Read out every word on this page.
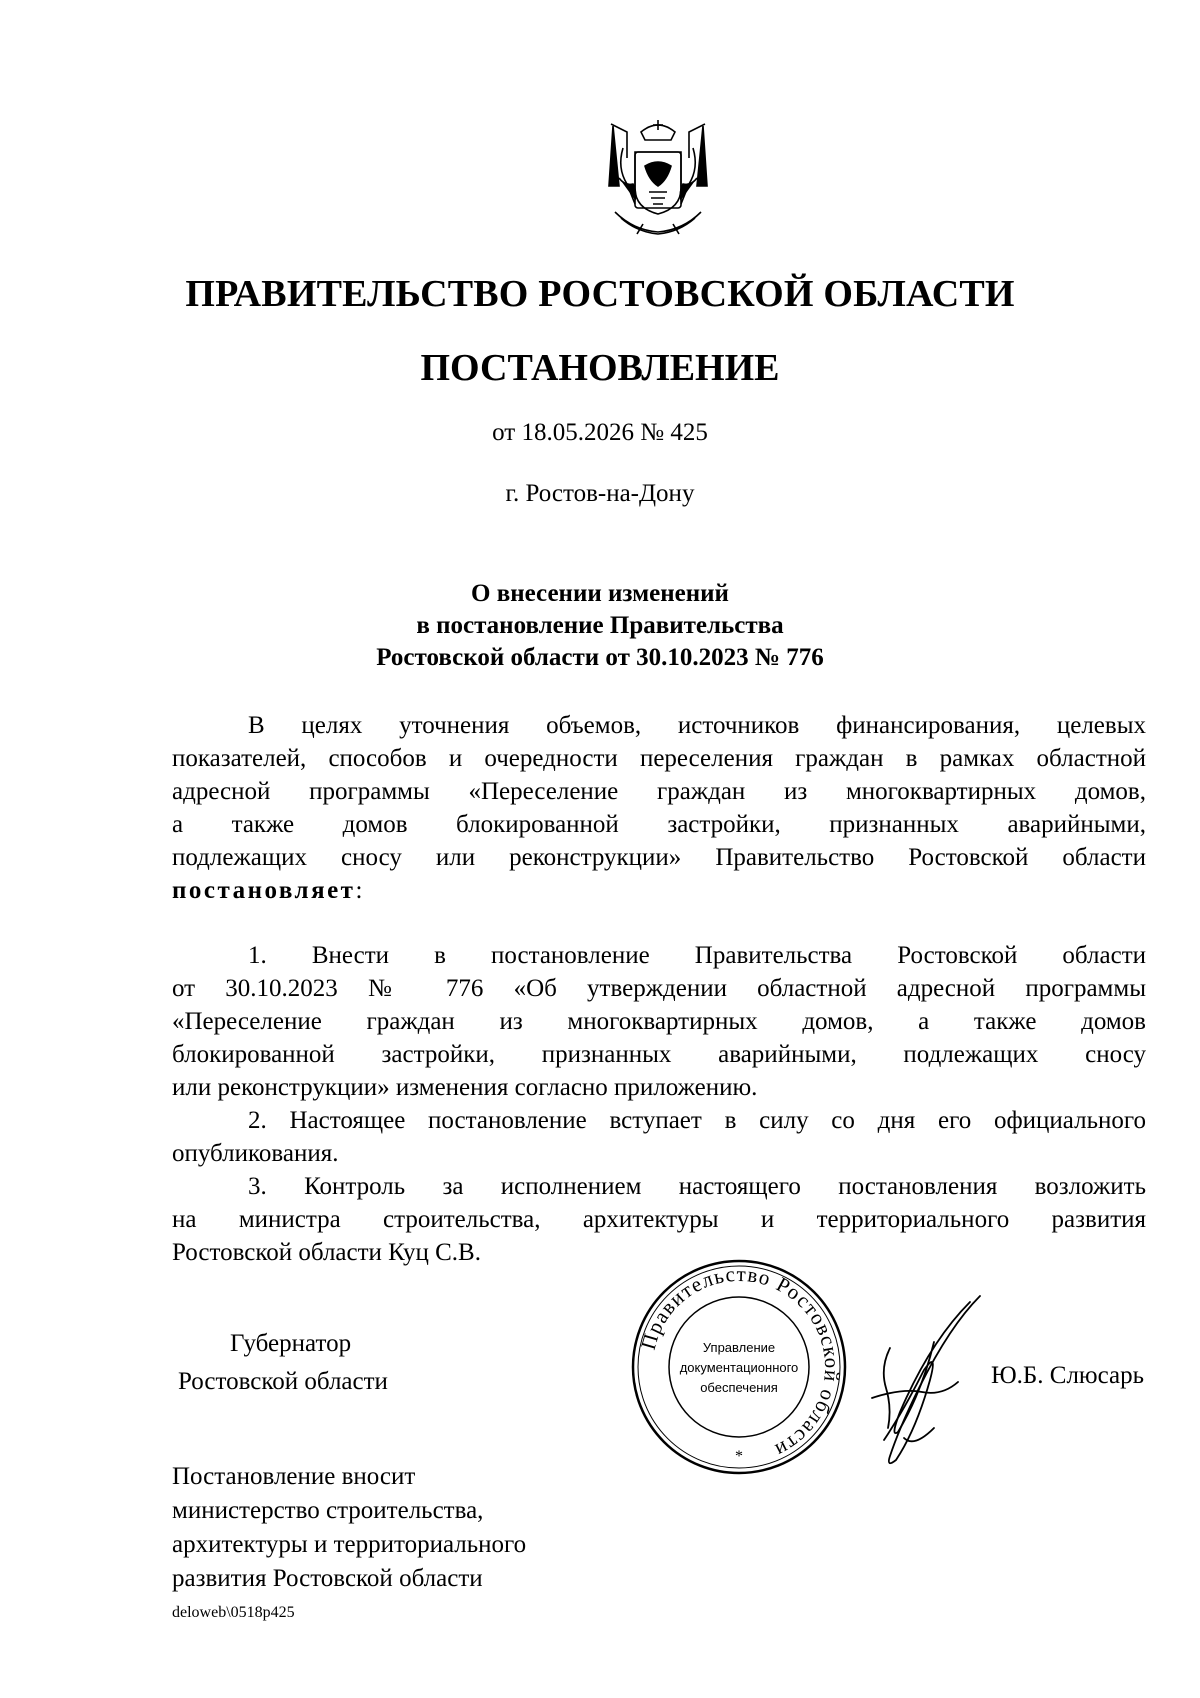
ПРАВИТЕЛЬСТВО РОСТОВСКОЙ ОБЛАСТИ
ПОСТАНОВЛЕНИЕ
от 18.05.2026 № 425
г. Ростов-на-Дону
О внесении изменений
в постановление Правительства
Ростовской области от 30.10.2023 № 776
В целях уточнения объемов, источников финансирования, целевых
показателей, способов и очередности переселения граждан в рамках областной
адресной программы «Переселение граждан из многоквартирных домов,
а также домов блокированной застройки, признанных аварийными,
подлежащих сносу или реконструкции» Правительство Ростовской области
постановляет:
1. Внести в постановление Правительства Ростовской области
от 30.10.2023 № 776 «Об утверждении областной адресной программы
«Переселение граждан из многоквартирных домов, а также домов
блокированной застройки, признанных аварийными, подлежащих сносу
или реконструкции» изменения согласно приложению.
2. Настоящее постановление вступает в силу со дня его официального
опубликования.
3. Контроль за исполнением настоящего постановления возложить
на министра строительства, архитектуры и территориального развития
Ростовской области Куц С.В.
Губернатор
Ростовской области
Правительство Ростовской области
Управление
документационного
обеспечения
*
Ю.Б. Слюсарь
Постановление вносит
министерство строительства,
архитектуры и территориального
развития Ростовской области
deloweb\0518p425
